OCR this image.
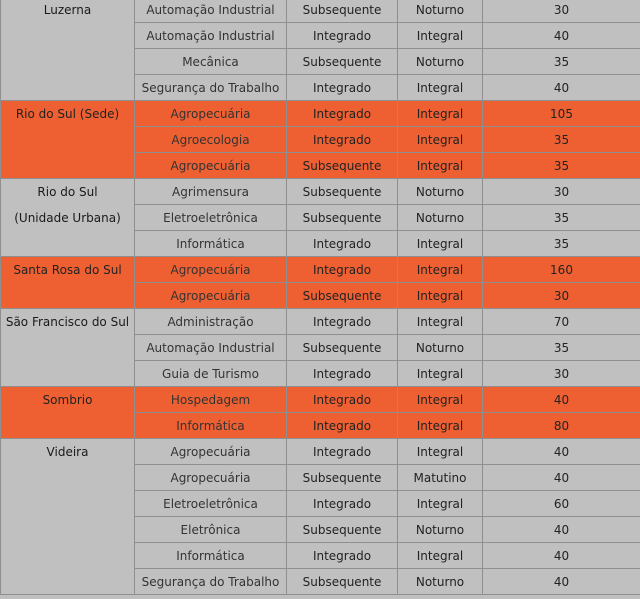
Luzerna	Automação Industrial	Subsequente	Noturno	30
	Automação Industrial	Integrado	Integral	40
	Mecânica	Subsequente	Noturno	35
	Segurança do Trabalho	Integrado	Integral	40

Rio do Sul (Sede)	Agropecuária	Integrado	Integral	105
	Agroecologia	Integrado	Integral	35
	Agropecuária	Subsequente	Integral	35

Rio do Sul
(Unidade Urbana)	Agrimensura	Subsequente	Noturno	30
	Eletroeletrônica	Subsequente	Noturno	35
	Informática	Integrado	Integral	35

Santa Rosa do Sul	Agropecuária	Integrado	Integral	160
	Agropecuária	Subsequente	Integral	30

São Francisco do Sul	Administração	Integrado	Integral	70
	Automação Industrial	Subsequente	Noturno	35
	Guia de Turismo	Integrado	Integral	30

Sombrio	Hospedagem	Integrado	Integral	40
	Informática	Integrado	Integral	80

Videira	Agropecuária	Integrado	Integral	40
	Agropecuária	Subsequente	Matutino	40
	Eletroeletrônica	Integrado	Integral	60
	Eletrônica	Subsequente	Noturno	40
	Informática	Integrado	Integral	40
	Segurança do Trabalho	Subsequente	Noturno	40
